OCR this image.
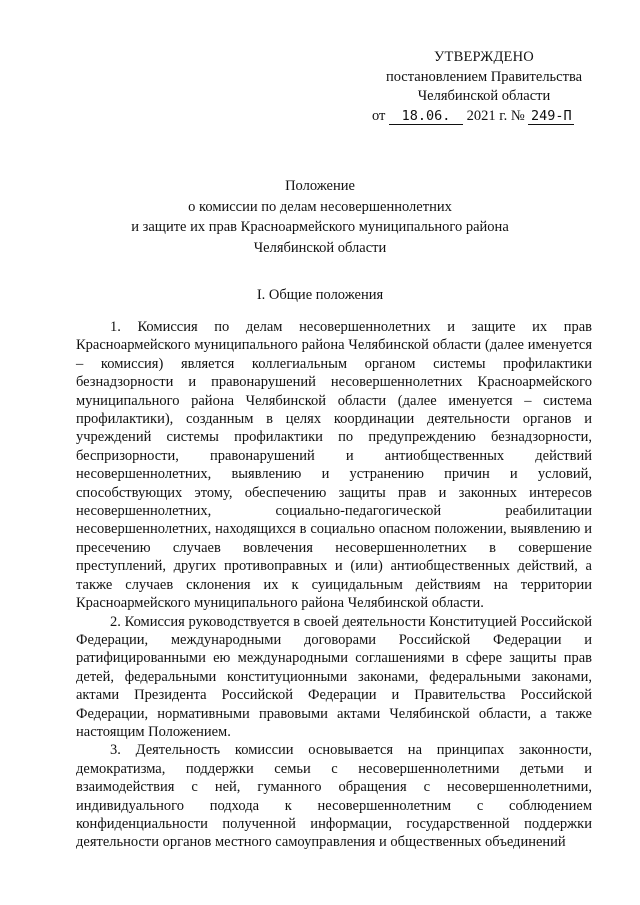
УТВЕРЖДЕНО
постановлением Правительства
Челябинской области
от 18.06. 2021 г. № 249-П
Положение
о комиссии по делам несовершеннолетних
и защите их прав Красноармейского муниципального района
Челябинской области
I. Общие положения

1. Комиссия по делам несовершеннолетних и защите их прав Красноармейского муниципального района Челябинской области (далее именуется – комиссия) является коллегиальным органом системы профилактики безнадзорности и правонарушений несовершеннолетних Красноармейского муниципального района Челябинской области (далее именуется – система профилактики), созданным в целях координации деятельности органов и учреждений системы профилактики по предупреждению безнадзорности, беспризорности, правонарушений и антиобщественных действий несовершеннолетних, выявлению и устранению причин и условий, способствующих этому, обеспечению защиты прав и законных интересов несовершеннолетних, социально-педагогической реабилитации несовершеннолетних, находящихся в социально опасном положении, выявлению и пресечению случаев вовлечения несовершеннолетних в совершение преступлений, других противоправных и (или) антиобщественных действий, а также случаев склонения их к суицидальным действиям на территории Красноармейского муниципального района Челябинской области.

2. Комиссия руководствуется в своей деятельности Конституцией Российской Федерации, международными договорами Российской Федерации и ратифицированными ею международными соглашениями в сфере защиты прав детей, федеральными конституционными законами, федеральными законами, актами Президента Российской Федерации и Правительства Российской Федерации, нормативными правовыми актами Челябинской области, а также настоящим Положением.

3. Деятельность комиссии основывается на принципах законности, демократизма, поддержки семьи с несовершеннолетними детьми и взаимодействия с ней, гуманного обращения с несовершеннолетними, индивидуального подхода к несовершеннолетним с соблюдением конфиденциальности полученной информации, государственной поддержки деятельности органов местного самоуправления и общественных объединений
